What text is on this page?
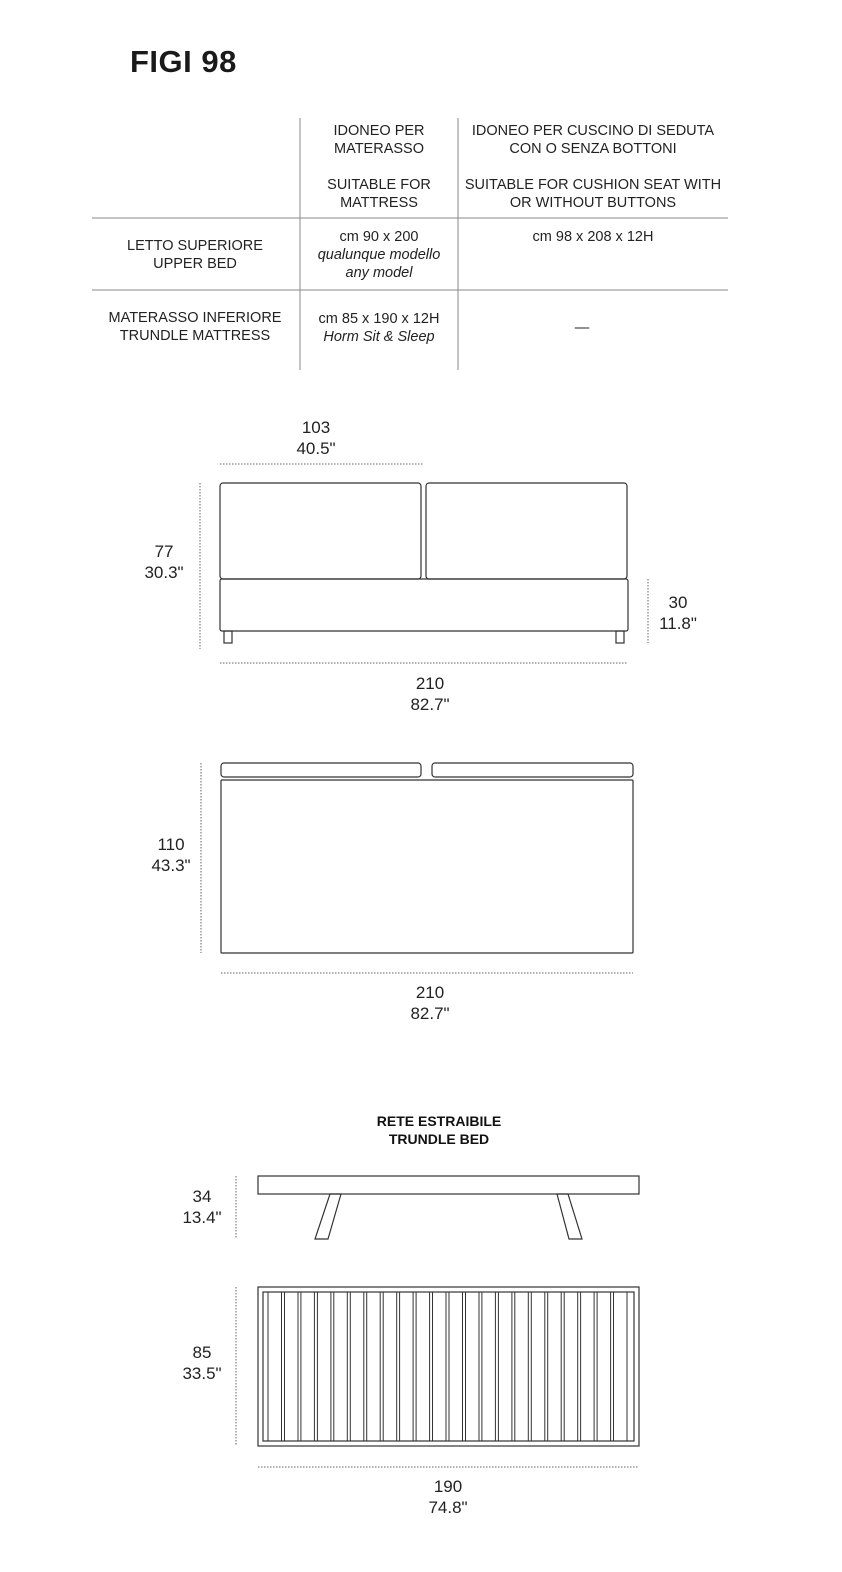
FIGI 98
IDONEO PER MATERASSO
SUITABLE FOR MATTRESS
IDONEO PER CUSCINO DI SEDUTA CON O SENZA BOTTONI
SUITABLE FOR CUSHION SEAT WITH OR WITHOUT BUTTONS
LETTO SUPERIORE
UPPER BED
cm 90 x 200
qualunque modello
any model
cm 98 x 208 x 12H
MATERASSO INFERIORE
TRUNDLE MATTRESS
cm 85 x 190 x 12H
Horm Sit & Sleep
—
103
40.5"
77
30.3"
30
11.8"
210
82.7"
110
43.3"
210
82.7"
RETE ESTRAIBILE
TRUNDLE BED
34
13.4"
85
33.5"
190
74.8"
